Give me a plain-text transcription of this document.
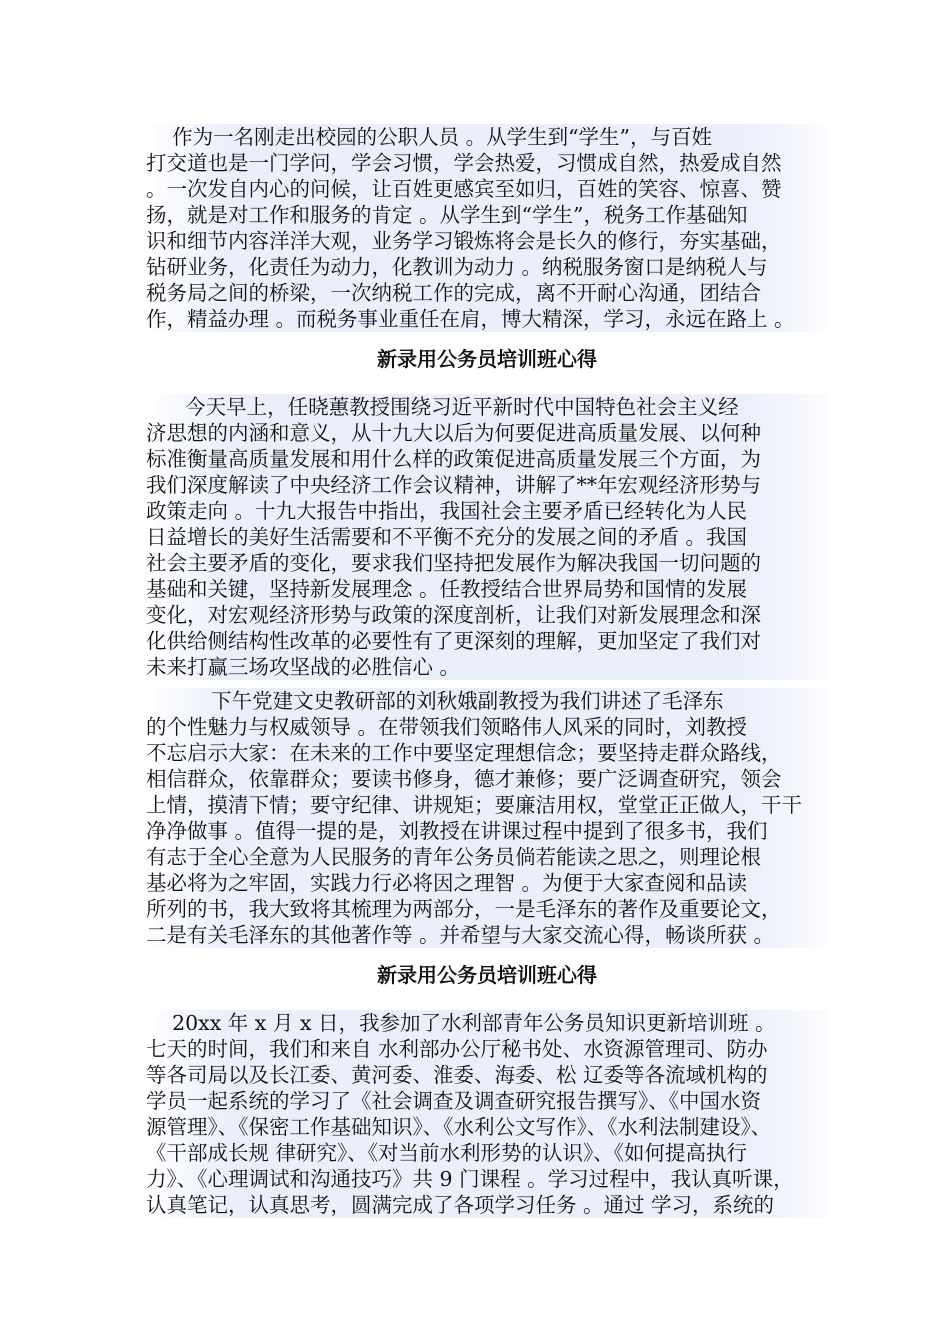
作为一名刚走出校园的公职人员 。从学生到“学生”，与百姓
打交道也是一门学问，学会习惯，学会热爱，习惯成自然，热爱成自然
。一次发自内心的问候，让百姓更感宾至如归，百姓的笑容、惊喜、赞
扬，就是对工作和服务的肯定 。从学生到“学生”，税务工作基础知
识和细节内容洋洋大观，业务学习锻炼将会是长久的修行，夯实基础，
钻研业务，化责任为动力，化教训为动力 。纳税服务窗口是纳税人与
税务局之间的桥梁，一次纳税工作的完成，离不开耐心沟通，团结合
作，精益办理 。而税务事业重任在肩，博大精深，学习，永远在路上 。
新录用公务员培训班心得
今天早上，任晓蕙教授围绕习近平新时代中国特色社会主义经
济思想的内涵和意义，从十九大以后为何要促进高质量发展、以何种
标准衡量高质量发展和用什么样的政策促进高质量发展三个方面，为
我们深度解读了中央经济工作会议精神，讲解了**年宏观经济形势与
政策走向 。十九大报告中指出，我国社会主要矛盾已经转化为人民
日益增长的美好生活需要和不平衡不充分的发展之间的矛盾 。我国
社会主要矛盾的变化，要求我们坚持把发展作为解决我国一切问题的
基础和关键，坚持新发展理念 。任教授结合世界局势和国情的发展
变化，对宏观经济形势与政策的深度剖析，让我们对新发展理念和深
化供给侧结构性改革的必要性有了更深刻的理解，更加坚定了我们对
未来打赢三场攻坚战的必胜信心 。
下午党建文史教研部的刘秋娥副教授为我们讲述了毛泽东
的个性魅力与权威领导 。在带领我们领略伟人风采的同时，刘教授
不忘启示大家：在未来的工作中要坚定理想信念；要坚持走群众路线，
相信群众，依靠群众；要读书修身，德才兼修；要广泛调查研究，领会
上情，摸清下情；要守纪律、讲规矩；要廉洁用权，堂堂正正做人，干干
净净做事 。值得一提的是，刘教授在讲课过程中提到了很多书，我们
有志于全心全意为人民服务的青年公务员倘若能读之思之，则理论根
基必将为之牢固，实践力行必将因之理智 。为便于大家查阅和品读
所列的书，我大致将其梳理为两部分，一是毛泽东的著作及重要论文，
二是有关毛泽东的其他著作等 。并希望与大家交流心得，畅谈所获 。
新录用公务员培训班心得
20xx 年 x 月 x 日，我参加了水利部青年公务员知识更新培训班 。
七天的时间，我们和来自 水利部办公厅秘书处、水资源管理司、防办
等各司局以及长江委、黄河委、淮委、海委、松 辽委等各流域机构的
学员一起系统的学习了《社会调查及调查研究报告撰写》、《中国水资
源管理》、《保密工作基础知识》、《水利公文写作》、《水利法制建设》、
《干部成长规 律研究》、《对当前水利形势的认识》、《如何提高执行
力》、《心理调试和沟通技巧》共 9 门课程 。学习过程中，我认真听课，
认真笔记，认真思考，圆满完成了各项学习任务 。通过 学习，系统的
